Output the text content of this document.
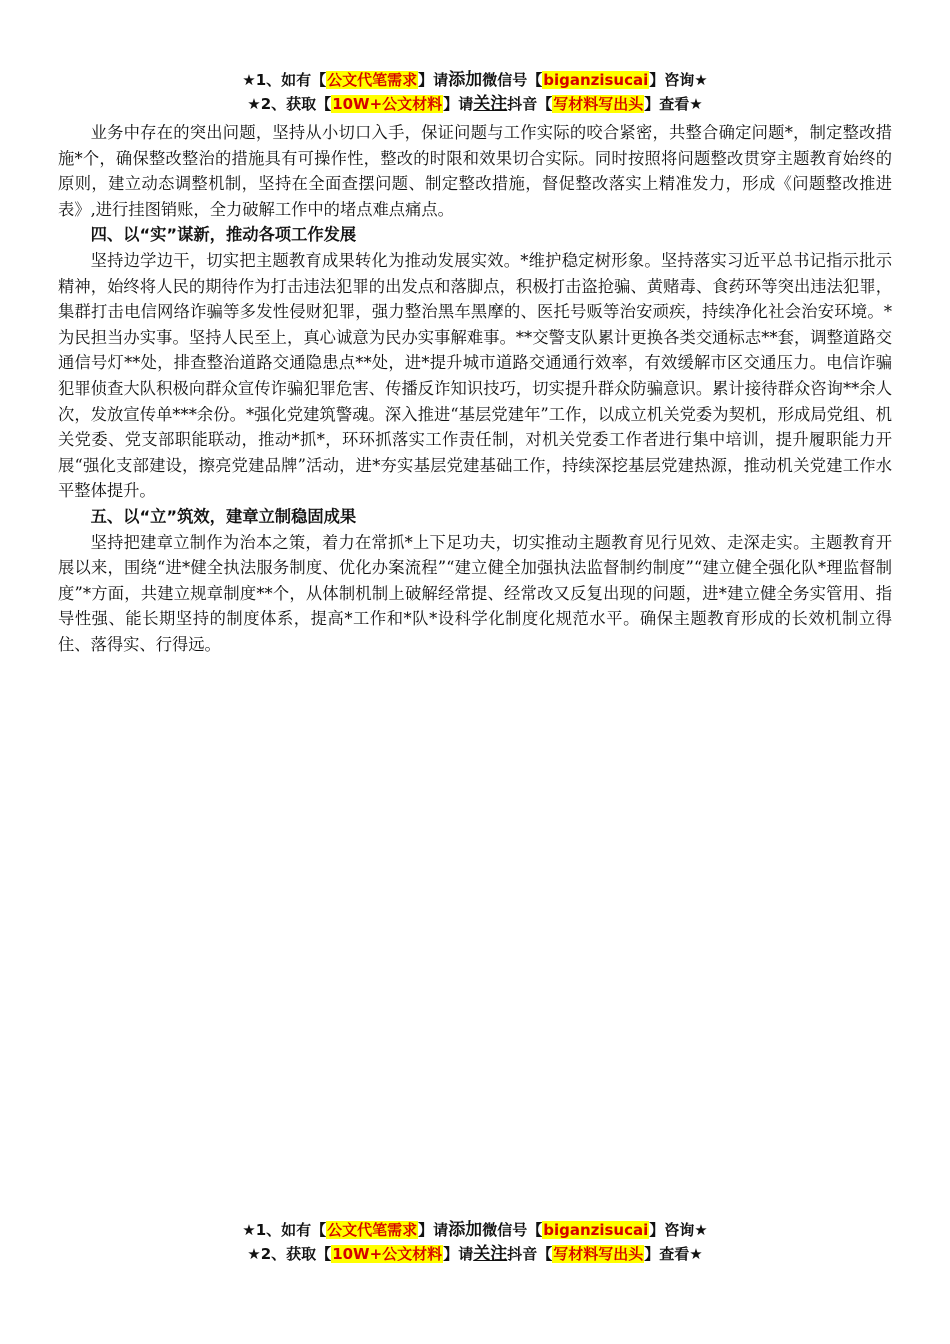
★1、如有【公文代笔需求】请添加微信号【biganzisucai】咨询★
★2、获取【10W+公文材料】请关注抖音【写材料写出头】查看★

业务中存在的突出问题，坚持从小切口入手，保证问题与工作实际的咬合紧密，共整合确定问题*，制定整改措施*个，确保整改整治的措施具有可操作性，整改的时限和效果切合实际。同时按照将问题整改贯穿主题教育始终的原则，建立动态调整机制，坚持在全面查摆问题、制定整改措施，督促整改落实上精准发力，形成《问题整改推进表》,进行挂图销账，全力破解工作中的堵点难点痛点。

四、以“实”谋新，推动各项工作发展

坚持边学边干，切实把主题教育成果转化为推动发展实效。*维护稳定树形象。坚持落实习近平总书记指示批示精神，始终将人民的期待作为打击违法犯罪的出发点和落脚点，积极打击盗抢骗、黄赌毒、食药环等突出违法犯罪，集群打击电信网络诈骗等多发性侵财犯罪，强力整治黑车黑摩的、医托号贩等治安顽疾，持续净化社会治安环境。*为民担当办实事。坚持人民至上，真心诚意为民办实事解难事。**交警支队累计更换各类交通标志**套，调整道路交通信号灯**处，排查整治道路交通隐患点**处，进*提升城市道路交通通行效率，有效缓解市区交通压力。电信诈骗犯罪侦查大队积极向群众宣传诈骗犯罪危害、传播反诈知识技巧，切实提升群众防骗意识。累计接待群众咨询**余人次，发放宣传单***余份。*强化党建筑警魂。深入推进“基层党建年”工作，以成立机关党委为契机，形成局党组、机关党委、党支部职能联动，推动*抓*，环环抓落实工作责任制，对机关党委工作者进行集中培训，提升履职能力开展“强化支部建设，擦亮党建品牌”活动，进*夯实基层党建基础工作，持续深挖基层党建热源，推动机关党建工作水平整体提升。

五、以“立”筑效，建章立制稳固成果

坚持把建章立制作为治本之策，着力在常抓*上下足功夫，切实推动主题教育见行见效、走深走实。主题教育开展以来，围绕“进*健全执法服务制度、优化办案流程”“建立健全加强执法监督制约制度”“建立健全强化队*理监督制度”*方面，共建立规章制度**个，从体制机制上破解经常提、经常改又反复出现的问题，进*建立健全务实管用、指导性强、能长期坚持的制度体系，提高*工作和*队*设科学化制度化规范水平。确保主题教育形成的长效机制立得住、落得实、行得远。

★1、如有【公文代笔需求】请添加微信号【biganzisucai】咨询★
★2、获取【10W+公文材料】请关注抖音【写材料写出头】查看★
